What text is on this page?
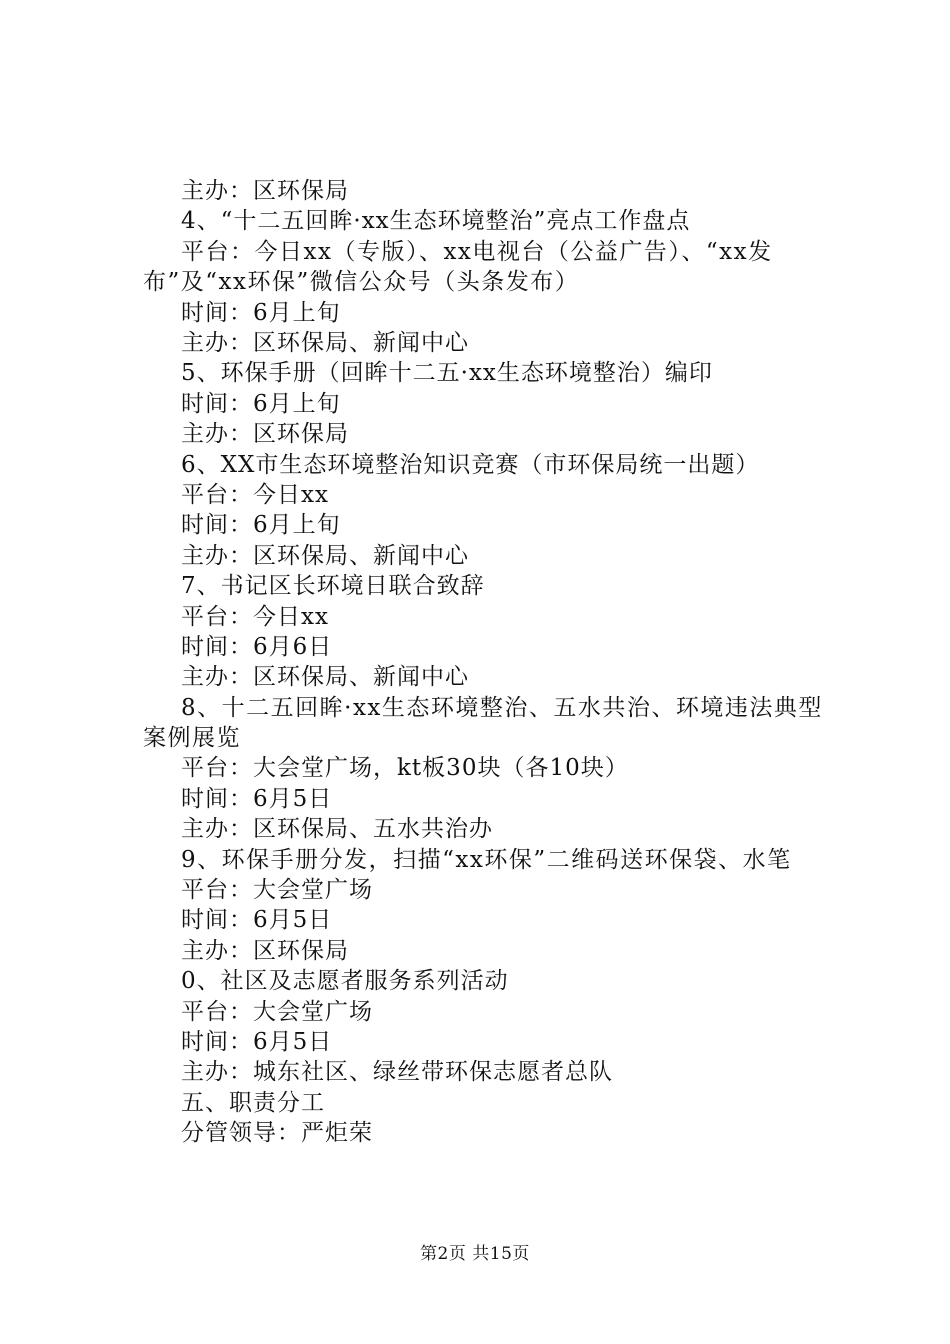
主办：区环保局
4、“十二五回眸·xx生态环境整治”亮点工作盘点
平台：今日xx（专版）、xx电视台（公益广告）、“xx发布”及“xx环保”微信公众号（头条发布）
时间：6月上旬
主办：区环保局、新闻中心
5、环保手册（回眸十二五·xx生态环境整治）编印
时间：6月上旬
主办：区环保局
6、XX市生态环境整治知识竞赛（市环保局统一出题）
平台：今日xx
时间：6月上旬
主办：区环保局、新闻中心
7、书记区长环境日联合致辞
平台：今日xx
时间：6月6日
主办：区环保局、新闻中心
8、十二五回眸·xx生态环境整治、五水共治、环境违法典型案例展览
平台：大会堂广场，kt板30块（各10块）
时间：6月5日
主办：区环保局、五水共治办
9、环保手册分发，扫描“xx环保”二维码送环保袋、水笔
平台：大会堂广场
时间：6月5日
主办：区环保局
0、社区及志愿者服务系列活动
平台：大会堂广场
时间：6月5日
主办：城东社区、绿丝带环保志愿者总队
五、职责分工
分管领导：严炬荣
第2页 共15页
